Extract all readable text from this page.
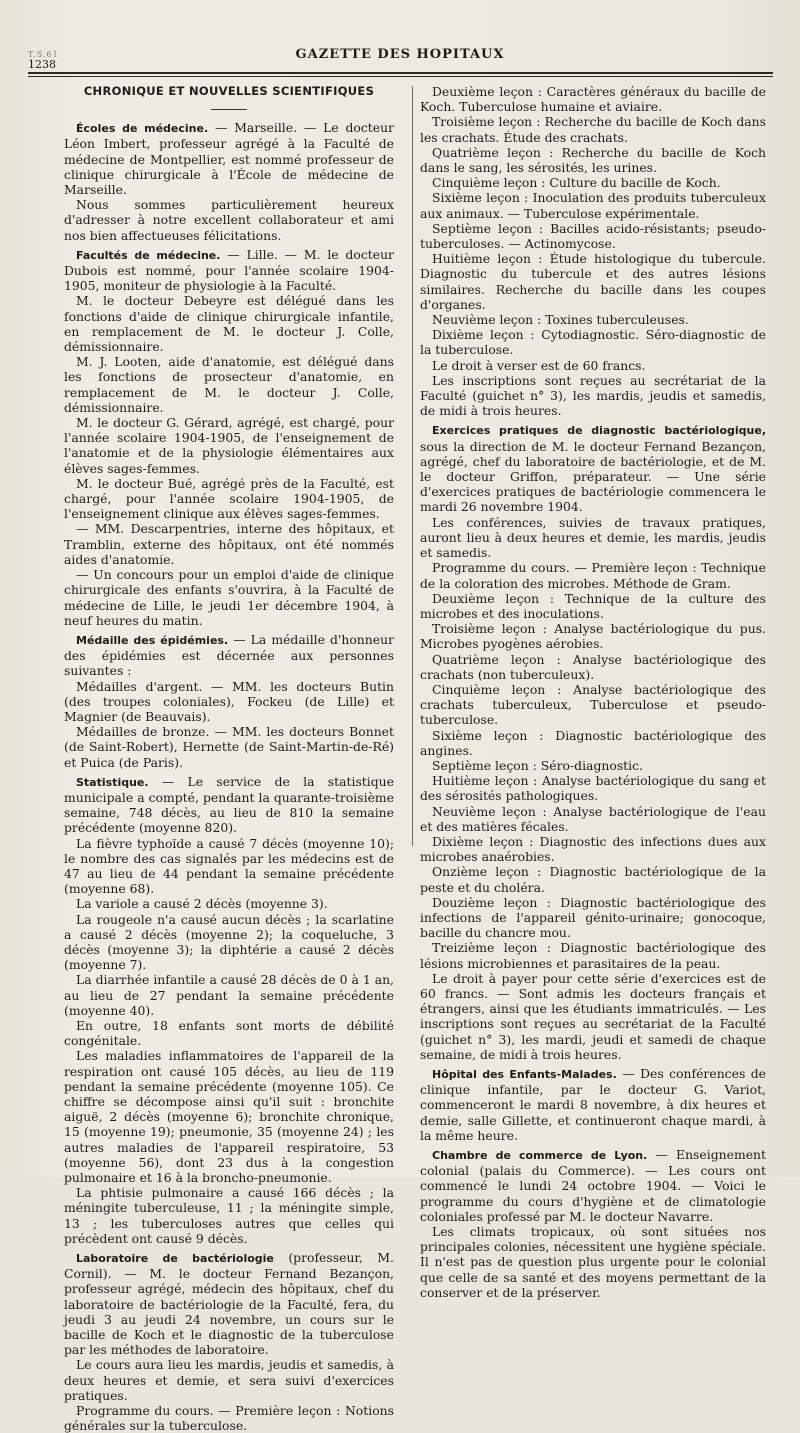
T.S.61
1238
GAZETTE DES HOPITAUX

CHRONIQUE ET NOUVELLES SCIENTIFIQUES

Écoles de médecine. — Marseille. — Le docteur Léon Imbert, professeur agrégé à la Faculté de médecine de Montpellier, est nommé professeur de clinique chirurgicale à l'École de médecine de Marseille.

Nous sommes particulièrement heureux d'adresser à notre excellent collaborateur et ami nos bien affectueuses félicitations.

Facultés de médecine. — Lille. — M. le docteur Dubois est nommé, pour l'année scolaire 1904-1905, moniteur de physiologie à la Faculté.

M. le docteur Debeyre est délégué dans les fonctions d'aide de clinique chirurgicale infantile, en remplacement de M. le docteur J. Colle, démissionnaire.

M. J. Looten, aide d'anatomie, est délégué dans les fonctions de prosecteur d'anatomie, en remplacement de M. le docteur J. Colle, démissionnaire.

M. le docteur G. Gérard, agrégé, est chargé, pour l'année scolaire 1904-1905, de l'enseignement de l'anatomie et de la physiologie élémentaires aux élèves sages-femmes.

M. le docteur Bué, agrégé près de la Faculté, est chargé, pour l'année scolaire 1904-1905, de l'enseignement clinique aux élèves sages-femmes.

— MM. Descarpentries, interne des hôpitaux, et Tramblin, externe des hôpitaux, ont été nommés aides d'anatomie.

— Un concours pour un emploi d'aide de clinique chirurgicale des enfants s'ouvrira, à la Faculté de médecine de Lille, le jeudi 1er décembre 1904, à neuf heures du matin.

Médaille des épidémies. — La médaille d'honneur des épidémies est décernée aux personnes suivantes :

Médailles d'argent. — MM. les docteurs Butin (des troupes coloniales), Fockeu (de Lille) et Magnier (de Beauvais).

Médailles de bronze. — MM. les docteurs Bonnet (de Saint-Robert), Hernette (de Saint-Martin-de-Ré) et Puica (de Paris).

Statistique. — Le service de la statistique municipale a compté, pendant la quarante-troisième semaine, 748 décès, au lieu de 810 la semaine précédente (moyenne 820).

La fièvre typhoïde a causé 7 décès (moyenne 10); le nombre des cas signalés par les médecins est de 47 au lieu de 44 pendant la semaine précédente (moyenne 68).

La variole a causé 2 décès (moyenne 3).

La rougeole n'a causé aucun décès ; la scarlatine a causé 2 décès (moyenne 2); la coqueluche, 3 décès (moyenne 3); la diphtérie a causé 2 décès (moyenne 7).

La diarrhée infantile a causé 28 décès de 0 à 1 an, au lieu de 27 pendant la semaine précédente (moyenne 40).

En outre, 18 enfants sont morts de débilité congénitale.

Les maladies inflammatoires de l'appareil de la respiration ont causé 105 décès, au lieu de 119 pendant la semaine précédente (moyenne 105). Ce chiffre se décompose ainsi qu'il suit : bronchite aiguë, 2 décès (moyenne 6); bronchite chronique, 15 (moyenne 19); pneumonie, 35 (moyenne 24) ; les autres maladies de l'appareil respiratoire, 53 (moyenne 56), dont 23 dus à la congestion pulmonaire et 16 à la broncho-pneumonie.

La phtisie pulmonaire a causé 166 décès ; la méningite tuberculeuse, 11 ; la méningite simple, 13 ; les tuberculoses autres que celles qui précèdent ont causé 9 décès.

Laboratoire de bactériologie (professeur, M. Cornil). — M. le docteur Fernand Bezançon, professeur agrégé, médecin des hôpitaux, chef du laboratoire de bactériologie de la Faculté, fera, du jeudi 3 au jeudi 24 novembre, un cours sur le bacille de Koch et le diagnostic de la tuberculose par les méthodes de laboratoire.

Le cours aura lieu les mardis, jeudis et samedis, à deux heures et demie, et sera suivi d'exercices pratiques.

Programme du cours. — Première leçon : Notions générales sur la tuberculose.

Deuxième leçon : Caractères généraux du bacille de Koch. Tuberculose humaine et aviaire.

Troisième leçon : Recherche du bacille de Koch dans les crachats. Étude des crachats.

Quatrième leçon : Recherche du bacille de Koch dans le sang, les sérosités, les urines.

Cinquième leçon : Culture du bacille de Koch.

Sixième leçon : Inoculation des produits tuberculeux aux animaux. — Tuberculose expérimentale.

Septième leçon : Bacilles acido-résistants; pseudo-tuberculoses. — Actinomycose.

Huitième leçon : Étude histologique du tubercule. Diagnostic du tubercule et des autres lésions similaires. Recherche du bacille dans les coupes d'organes.

Neuvième leçon : Toxines tuberculeuses.

Dixième leçon : Cytodiagnostic. Séro-diagnostic de la tuberculose.

Le droit à verser est de 60 francs.

Les inscriptions sont reçues au secrétariat de la Faculté (guichet n° 3), les mardis, jeudis et samedis, de midi à trois heures.

Exercices pratiques de diagnostic bactériologique, sous la direction de M. le docteur Fernand Bezançon, agrégé, chef du laboratoire de bactériologie, et de M. le docteur Griffon, préparateur. — Une série d'exercices pratiques de bactériologie commencera le mardi 26 novembre 1904.

Les conférences, suivies de travaux pratiques, auront lieu à deux heures et demie, les mardis, jeudis et samedis.

Programme du cours. — Première leçon : Technique de la coloration des microbes. Méthode de Gram.

Deuxième leçon : Technique de la culture des microbes et des inoculations.

Troisième leçon : Analyse bactériologique du pus. Microbes pyogènes aérobies.

Quatrième leçon : Analyse bactériologique des crachats (non tuberculeux).

Cinquième leçon : Analyse bactériologique des crachats tuberculeux, Tuberculose et pseudo-tuberculose.

Sixième leçon : Diagnostic bactériologique des angines.

Septième leçon : Séro-diagnostic.

Huitième leçon : Analyse bactériologique du sang et des sérosités pathologiques.

Neuvième leçon : Analyse bactériologique de l'eau et des matières fécales.

Dixième leçon : Diagnostic des infections dues aux microbes anaérobies.

Onzième leçon : Diagnostic bactériologique de la peste et du choléra.

Douzième leçon : Diagnostic bactériologique des infections de l'appareil génito-urinaire; gonocoque, bacille du chancre mou.

Treizième leçon : Diagnostic bactériologique des lésions microbiennes et parasitaires de la peau.

Le droit à payer pour cette série d'exercices est de 60 francs. — Sont admis les docteurs français et étrangers, ainsi que les étudiants immatriculés. — Les inscriptions sont reçues au secrétariat de la Faculté (guichet n° 3), les mardi, jeudi et samedi de chaque semaine, de midi à trois heures.

Hôpital des Enfants-Malades. — Des conférences de clinique infantile, par le docteur G. Variot, commenceront le mardi 8 novembre, à dix heures et demie, salle Gillette, et continueront chaque mardi, à la même heure.

Chambre de commerce de Lyon. — Enseignement colonial (palais du Commerce). — Les cours ont commencé le lundi 24 octobre 1904. — Voici le programme du cours d'hygiène et de climatologie coloniales professé par M. le docteur Navarre.

Les climats tropicaux, où sont situées nos principales colonies, nécessitent une hygiène spéciale. Il n'est pas de question plus urgente pour le colonial que celle de sa santé et des moyens permettant de la conserver et de la préserver.
